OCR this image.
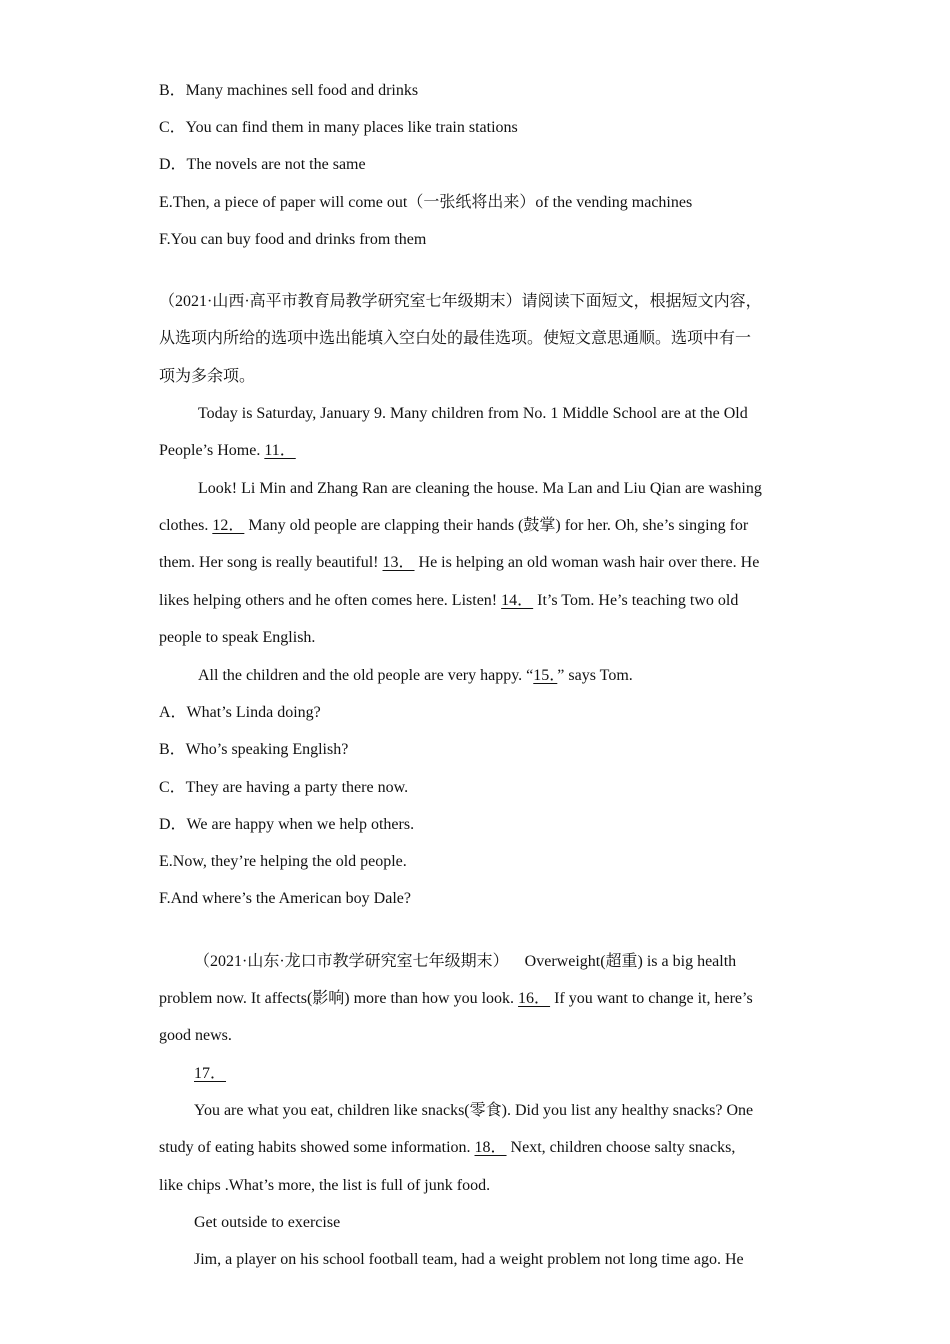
B．Many machines sell food and drinks
C．You can find them in many places like train stations
D．The novels are not the same
E.Then, a piece of paper will come out（一张纸将出来）of the vending machines
F.You can buy food and drinks from them
（2021·山西·高平市教育局教学研究室七年级期末）请阅读下面短文，根据短文内容，
从选项内所给的选项中选出能填入空白处的最佳选项。使短文意思通顺。选项中有一
项为多余项。
Today is Saturday, January 9. Many children from No. 1 Middle School are at the Old
People’s Home. 11．
Look! Li Min and Zhang Ran are cleaning the house. Ma Lan and Liu Qian are washing
clothes. 12． Many old people are clapping their hands (鼓掌) for her. Oh, she’s singing for
them. Her song is really beautiful! 13． He is helping an old woman wash hair over there. He
likes helping others and he often comes here. Listen! 14． It’s Tom. He’s teaching two old
people to speak English.
All the children and the old people are very happy. “15．” says Tom.
A．What’s Linda doing?
B．Who’s speaking English?
C．They are having a party there now.
D．We are happy when we help others.
E.Now, they’re helping the old people.
F.And where’s the American boy Dale?
（2021·山东·龙口市教学研究室七年级期末） Overweight(超重) is a big health
problem now. It affects(影响) more than how you look. 16． If you want to change it, here’s
good news.
17．
You are what you eat, children like snacks(零食). Did you list any healthy snacks? One
study of eating habits showed some information. 18． Next, children choose salty snacks,
like chips .What’s more, the list is full of junk food.
Get outside to exercise
Jim, a player on his school football team, had a weight problem not long time ago. He
